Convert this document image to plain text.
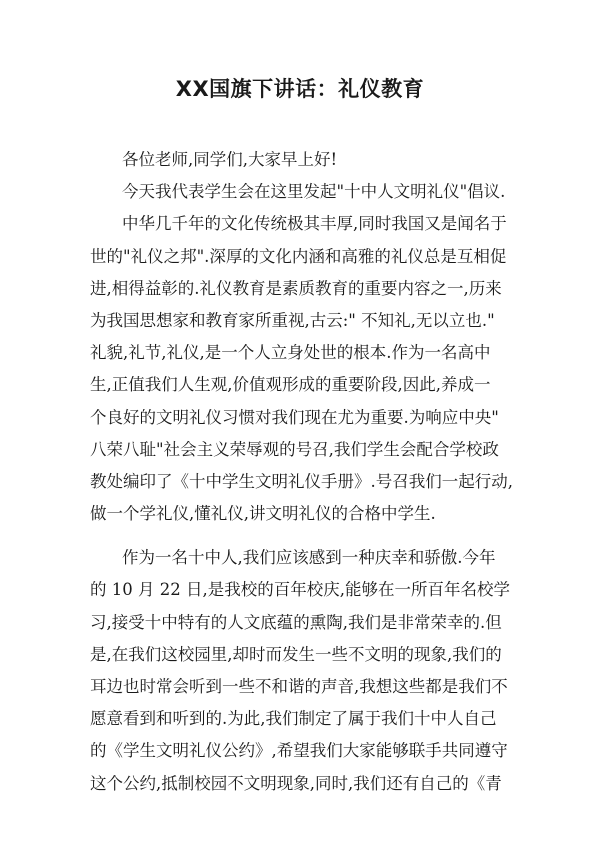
XX国旗下讲话：礼仪教育
各位老师,同学们,大家早上好!
今天我代表学生会在这里发起"十中人文明礼仪"倡议.
中华几千年的文化传统极其丰厚,同时我国又是闻名于
世的"礼仪之邦".深厚的文化内涵和高雅的礼仪总是互相促
进,相得益彰的.礼仪教育是素质教育的重要内容之一,历来
为我国思想家和教育家所重视,古云:" 不知礼,无以立也."
礼貌,礼节,礼仪,是一个人立身处世的根本.作为一名高中
生,正值我们人生观,价值观形成的重要阶段,因此,养成一
个良好的文明礼仪习惯对我们现在尤为重要.为响应中央"
八荣八耻"社会主义荣辱观的号召,我们学生会配合学校政
教处编印了《十中学生文明礼仪手册》.号召我们一起行动,
做一个学礼仪,懂礼仪,讲文明礼仪的合格中学生.
作为一名十中人,我们应该感到一种庆幸和骄傲.今年
的 10 月 22 日,是我校的百年校庆,能够在一所百年名校学
习,接受十中特有的人文底蕴的熏陶,我们是非常荣幸的.但
是,在我们这校园里,却时而发生一些不文明的现象,我们的
耳边也时常会听到一些不和谐的声音,我想这些都是我们不
愿意看到和听到的.为此,我们制定了属于我们十中人自己
的《学生文明礼仪公约》,希望我们大家能够联手共同遵守
这个公约,抵制校园不文明现象,同时,我们还有自己的《青
